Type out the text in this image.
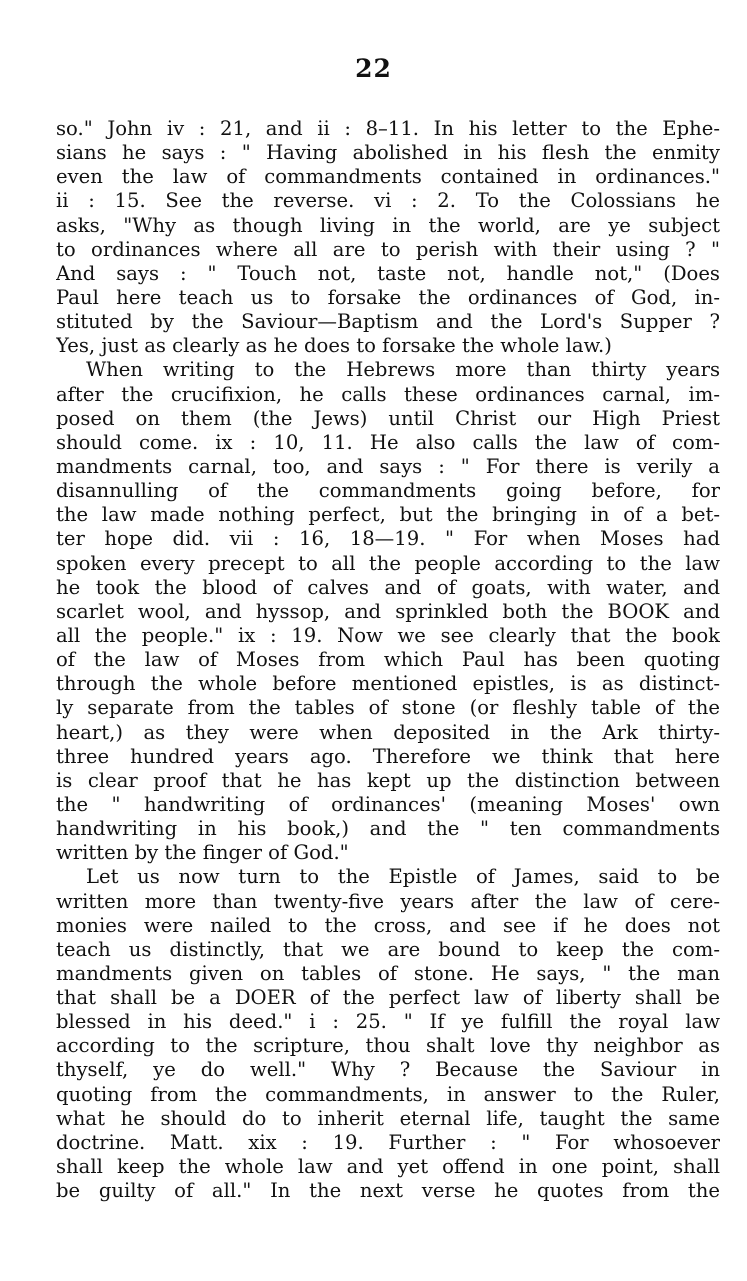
22
so." John iv : 21, and ii : 8–11. In his letter to the Ephe-
sians he says : " Having abolished in his flesh the enmity
even the law of commandments contained in ordinances."
ii : 15. See the reverse. vi : 2. To the Colossians he
asks, "Why as though living in the world, are ye subject
to ordinances where all are to perish with their using ? "
And says : " Touch not, taste not, handle not," (Does
Paul here teach us to forsake the ordinances of God, in-
stituted by the Saviour—Baptism and the Lord's Supper ?
Yes, just as clearly as he does to forsake the whole law.)
When writing to the Hebrews more than thirty years
after the crucifixion, he calls these ordinances carnal, im-
posed on them (the Jews) until Christ our High Priest
should come. ix : 10, 11. He also calls the law of com-
mandments carnal, too, and says : " For there is verily a
disannulling of the commandments going before, for
the law made nothing perfect, but the bringing in of a bet-
ter hope did. vii : 16, 18—19. " For when Moses had
spoken every precept to all the people according to the law
he took the blood of calves and of goats, with water, and
scarlet wool, and hyssop, and sprinkled both the BOOK and
all the people." ix : 19. Now we see clearly that the book
of the law of Moses from which Paul has been quoting
through the whole before mentioned epistles, is as distinct-
ly separate from the tables of stone (or fleshly table of the
heart,) as they were when deposited in the Ark thirty-
three hundred years ago. Therefore we think that here
is clear proof that he has kept up the distinction between
the " handwriting of ordinances' (meaning Moses' own
handwriting in his book,) and the " ten commandments
written by the finger of God."
Let us now turn to the Epistle of James, said to be
written more than twenty-five years after the law of cere-
monies were nailed to the cross, and see if he does not
teach us distinctly, that we are bound to keep the com-
mandments given on tables of stone. He says, " the man
that shall be a DOER of the perfect law of liberty shall be
blessed in his deed." i : 25. " If ye fulfill the royal law
according to the scripture, thou shalt love thy neighbor as
thyself, ye do well." Why ? Because the Saviour in
quoting from the commandments, in answer to the Ruler,
what he should do to inherit eternal life, taught the same
doctrine. Matt. xix : 19. Further : " For whosoever
shall keep the whole law and yet offend in one point, shall
be guilty of all." In the next verse he quotes from the
